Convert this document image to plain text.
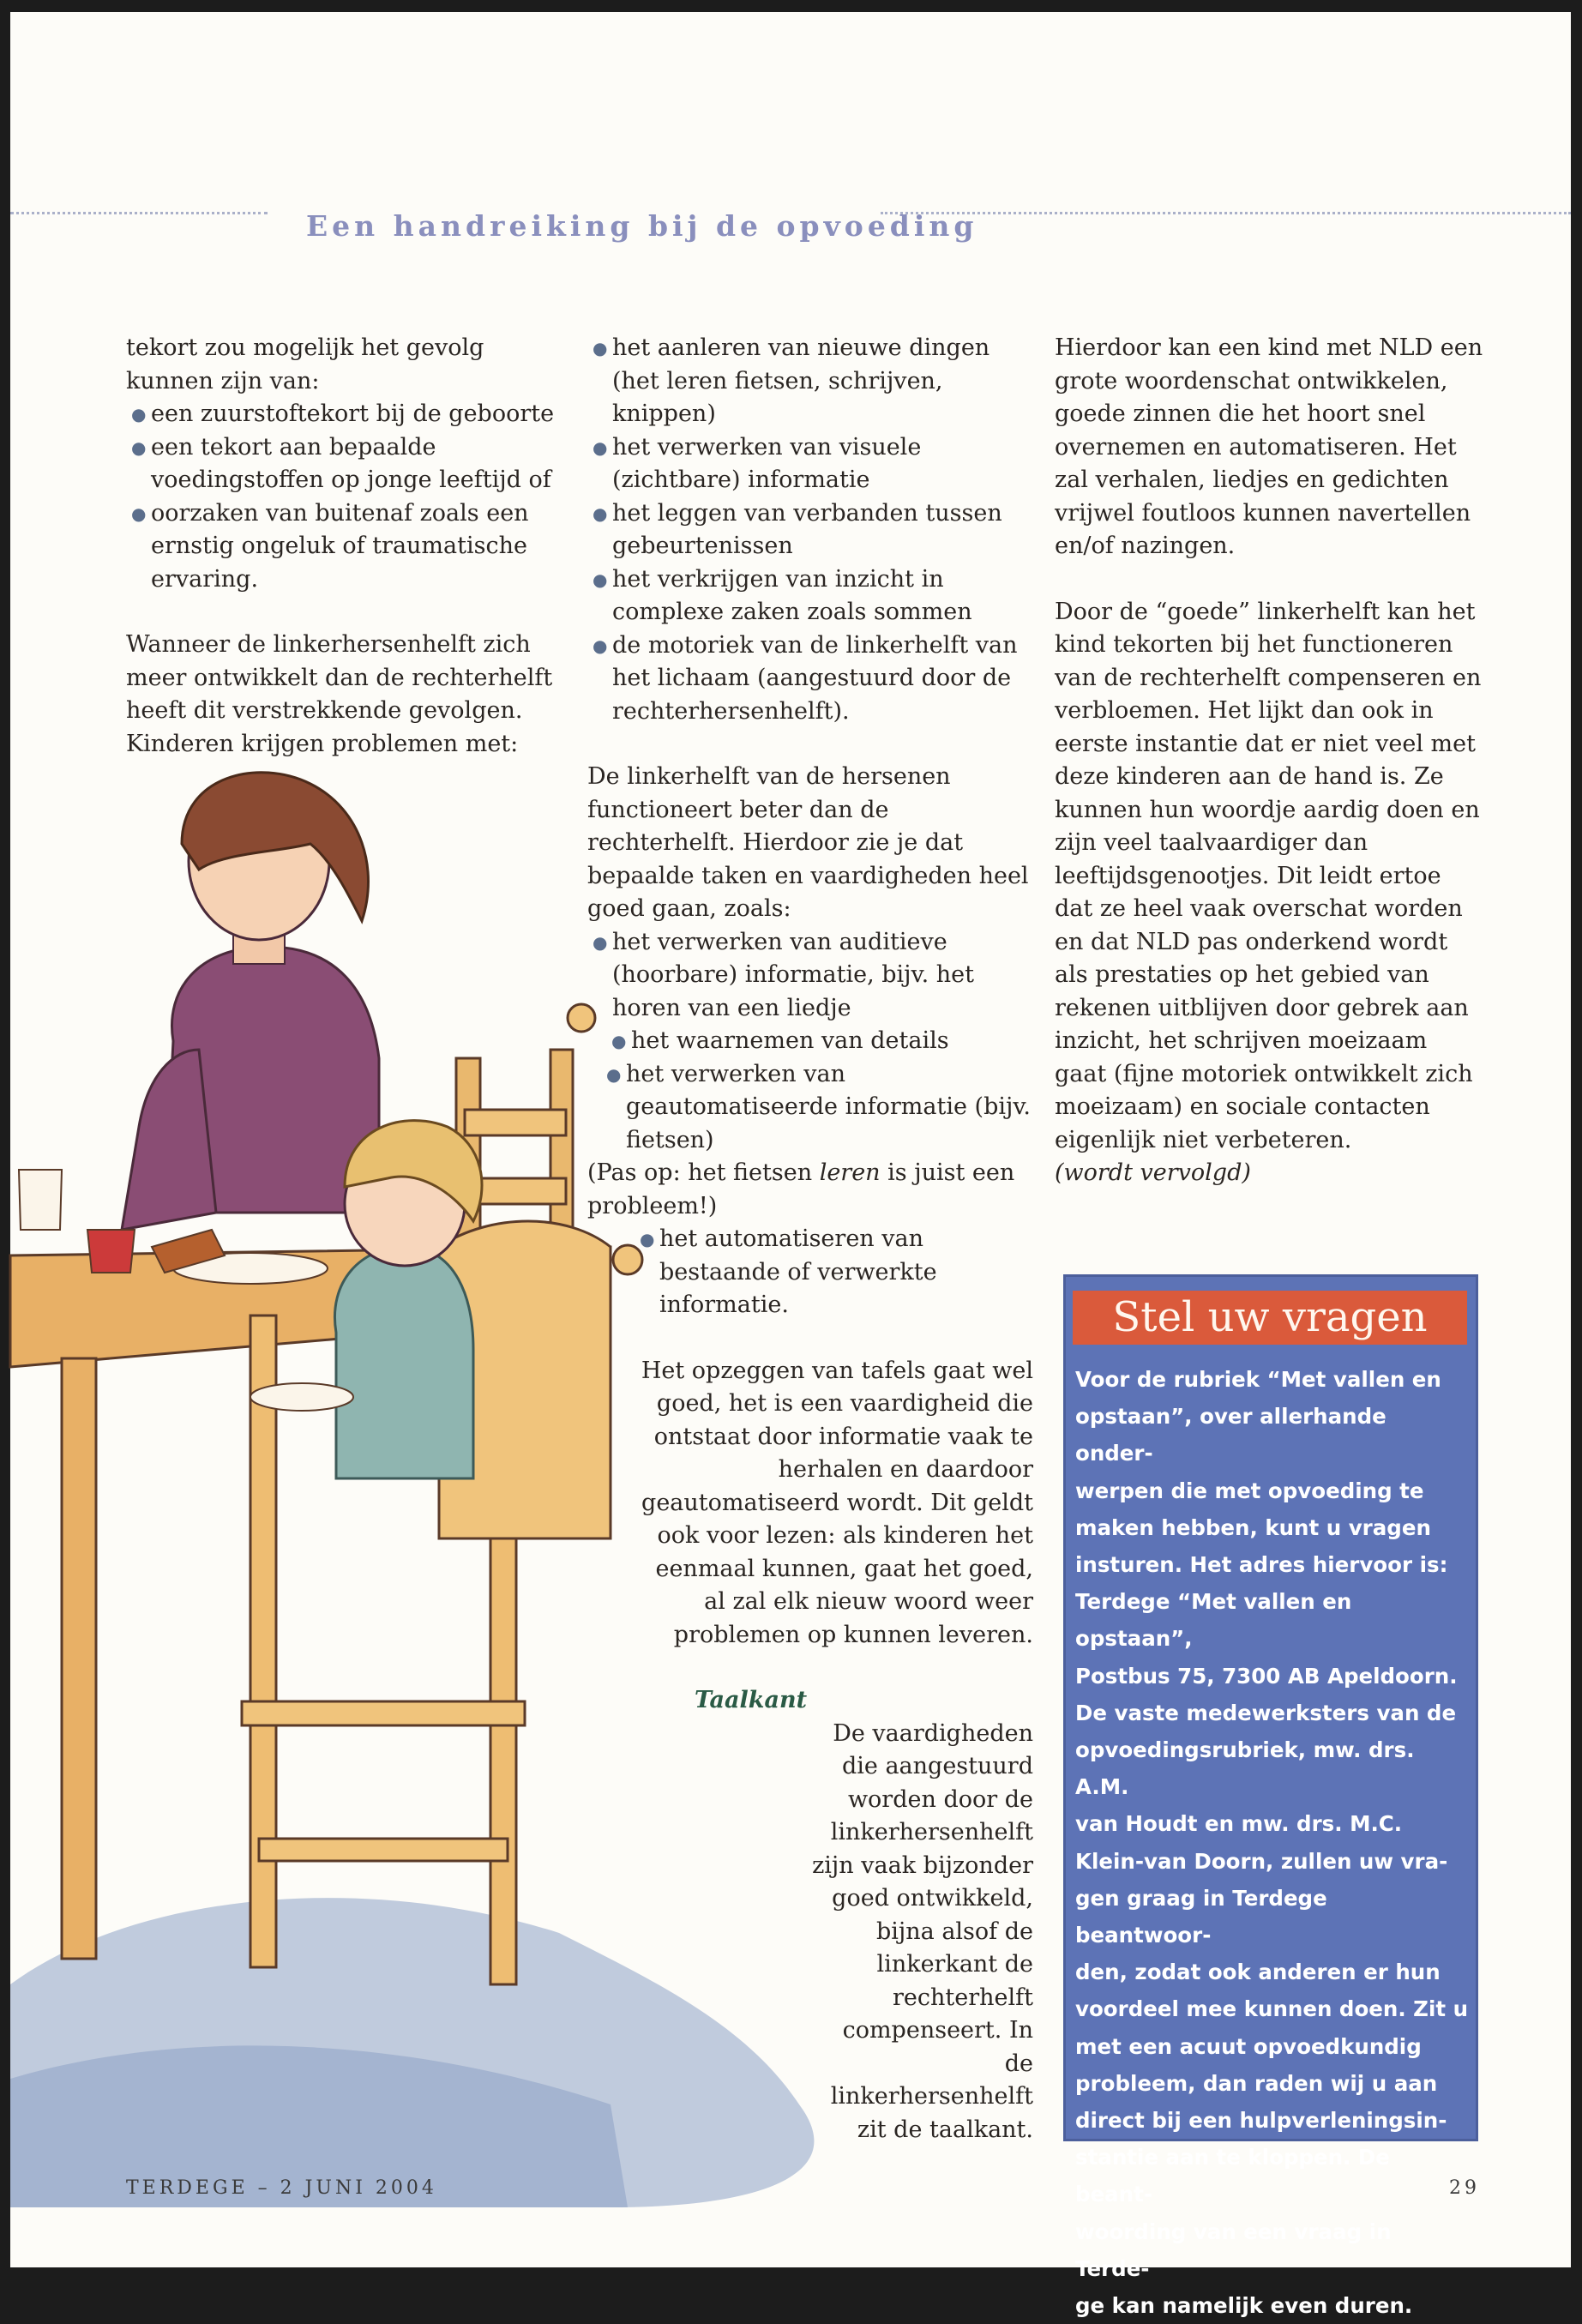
Een handreiking bij de opvoeding

tekort zou mogelijk het gevolg kunnen zijn van:

● een zuurstoftekort bij de geboorte

● een tekort aan bepaalde voedingstoffen op jonge leeftijd of

● oorzaken van buitenaf zoals een ernstig ongeluk of traumatische ervaring.

Wanneer de linkerhersenhelft zich meer ontwikkelt dan de rechterhelft heeft dit verstrekkende gevolgen. Kinderen krijgen problemen met:

● het aanleren van nieuwe dingen (het leren fietsen, schrijven, knippen)

● het verwerken van visuele (zichtbare) informatie

● het leggen van verbanden tussen gebeurtenissen

● het verkrijgen van inzicht in complexe zaken zoals sommen

● de motoriek van de linkerhelft van het lichaam (aangestuurd door de rechterhersenhelft).

De linkerhelft van de hersenen functioneert beter dan de rechterhelft. Hierdoor zie je dat bepaalde taken en vaardigheden heel goed gaan, zoals:

● het verwerken van auditieve (hoorbare) informatie, bijv. het horen van een liedje

● het waarnemen van details

● het verwerken van geautomatiseerde informatie (bijv. fietsen)

(Pas op: het fietsen leren is juist een probleem!)

● het automatiseren van bestaande of verwerkte informatie.

Het opzeggen van tafels gaat wel goed, het is een vaardigheid die ontstaat door informatie vaak te herhalen en daardoor geautomatiseerd wordt. Dit geldt ook voor lezen: als kinderen het eenmaal kunnen, gaat het goed, al zal elk nieuw woord weer problemen op kunnen leveren.

Taalkant

De vaardigheden die aangestuurd worden door de linkerhersenhelft zijn vaak bijzonder goed ontwikkeld, bijna alsof de linkerkant de rechterhelft compenseert. In de linkerhersenhelft zit de taalkant.

Hierdoor kan een kind met NLD een grote woordenschat ontwikkelen, goede zinnen die het hoort snel overnemen en automatiseren. Het zal verhalen, liedjes en gedichten vrijwel foutloos kunnen navertellen en/of nazingen.

Door de “goede” linkerhelft kan het kind tekorten bij het functioneren van de rechterhelft compenseren en verbloemen. Het lijkt dan ook in eerste instantie dat er niet veel met deze kinderen aan de hand is. Ze kunnen hun woordje aardig doen en zijn veel taalvaardiger dan leeftijdsgenootjes. Dit leidt ertoe dat ze heel vaak overschat worden en dat NLD pas onderkend wordt als prestaties op het gebied van rekenen uitblijven door gebrek aan inzicht, het schrijven moeizaam gaat (fijne motoriek ontwikkelt zich moeizaam) en sociale contacten eigenlijk niet verbeteren.

(wordt vervolgd)

Stel uw vragen
Voor de rubriek “Met vallen en
opstaan”, over allerhande onder-
werpen die met opvoeding te
maken hebben, kunt u vragen
insturen. Het adres hiervoor is:
Terdege “Met vallen en opstaan”,
Postbus 75, 7300 AB Apeldoorn.
De vaste medewerksters van de
opvoedingsrubriek, mw. drs. A.M.
van Houdt en mw. drs. M.C.
Klein-van Doorn, zullen uw vra-
gen graag in Terdege beantwoor-
den, zodat ook anderen er hun
voordeel mee kunnen doen. Zit u
met een acuut opvoedkundig
probleem, dan raden wij u aan
direct bij een hulpverleningsin-
stantie aan te kloppen. De beant-
woording van een vraag in Terde-
ge kan namelijk even duren.
TERDEGE – 2 JUNI 2004	29
